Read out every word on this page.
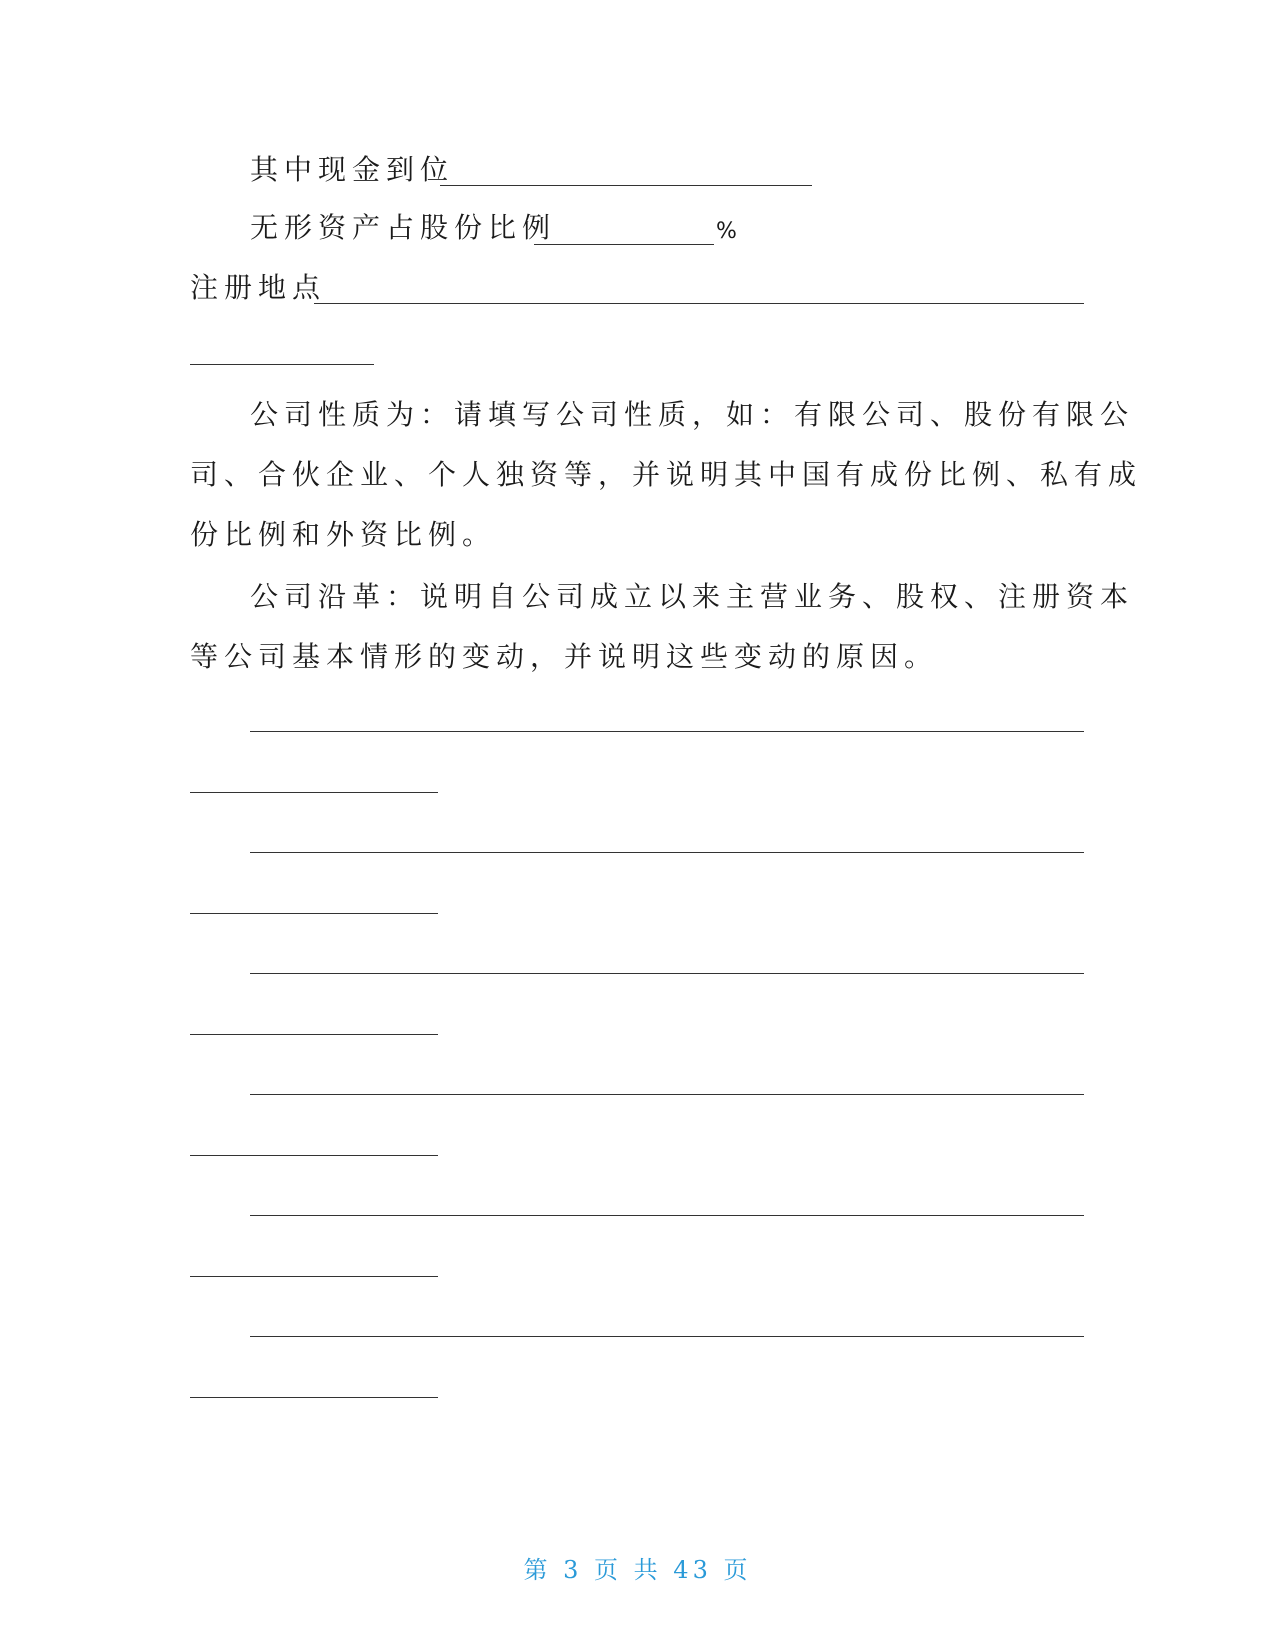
其中现金到位
无形资产占股份比例	%
注册地点
公司性质为：请填写公司性质，如：有限公司、股份有限公
司、合伙企业、个人独资等，并说明其中国有成份比例、私有成
份比例和外资比例。
公司沿革：说明自公司成立以来主营业务、股权、注册资本
等公司基本情形的变动，并说明这些变动的原因。
第 3 页 共 43 页
